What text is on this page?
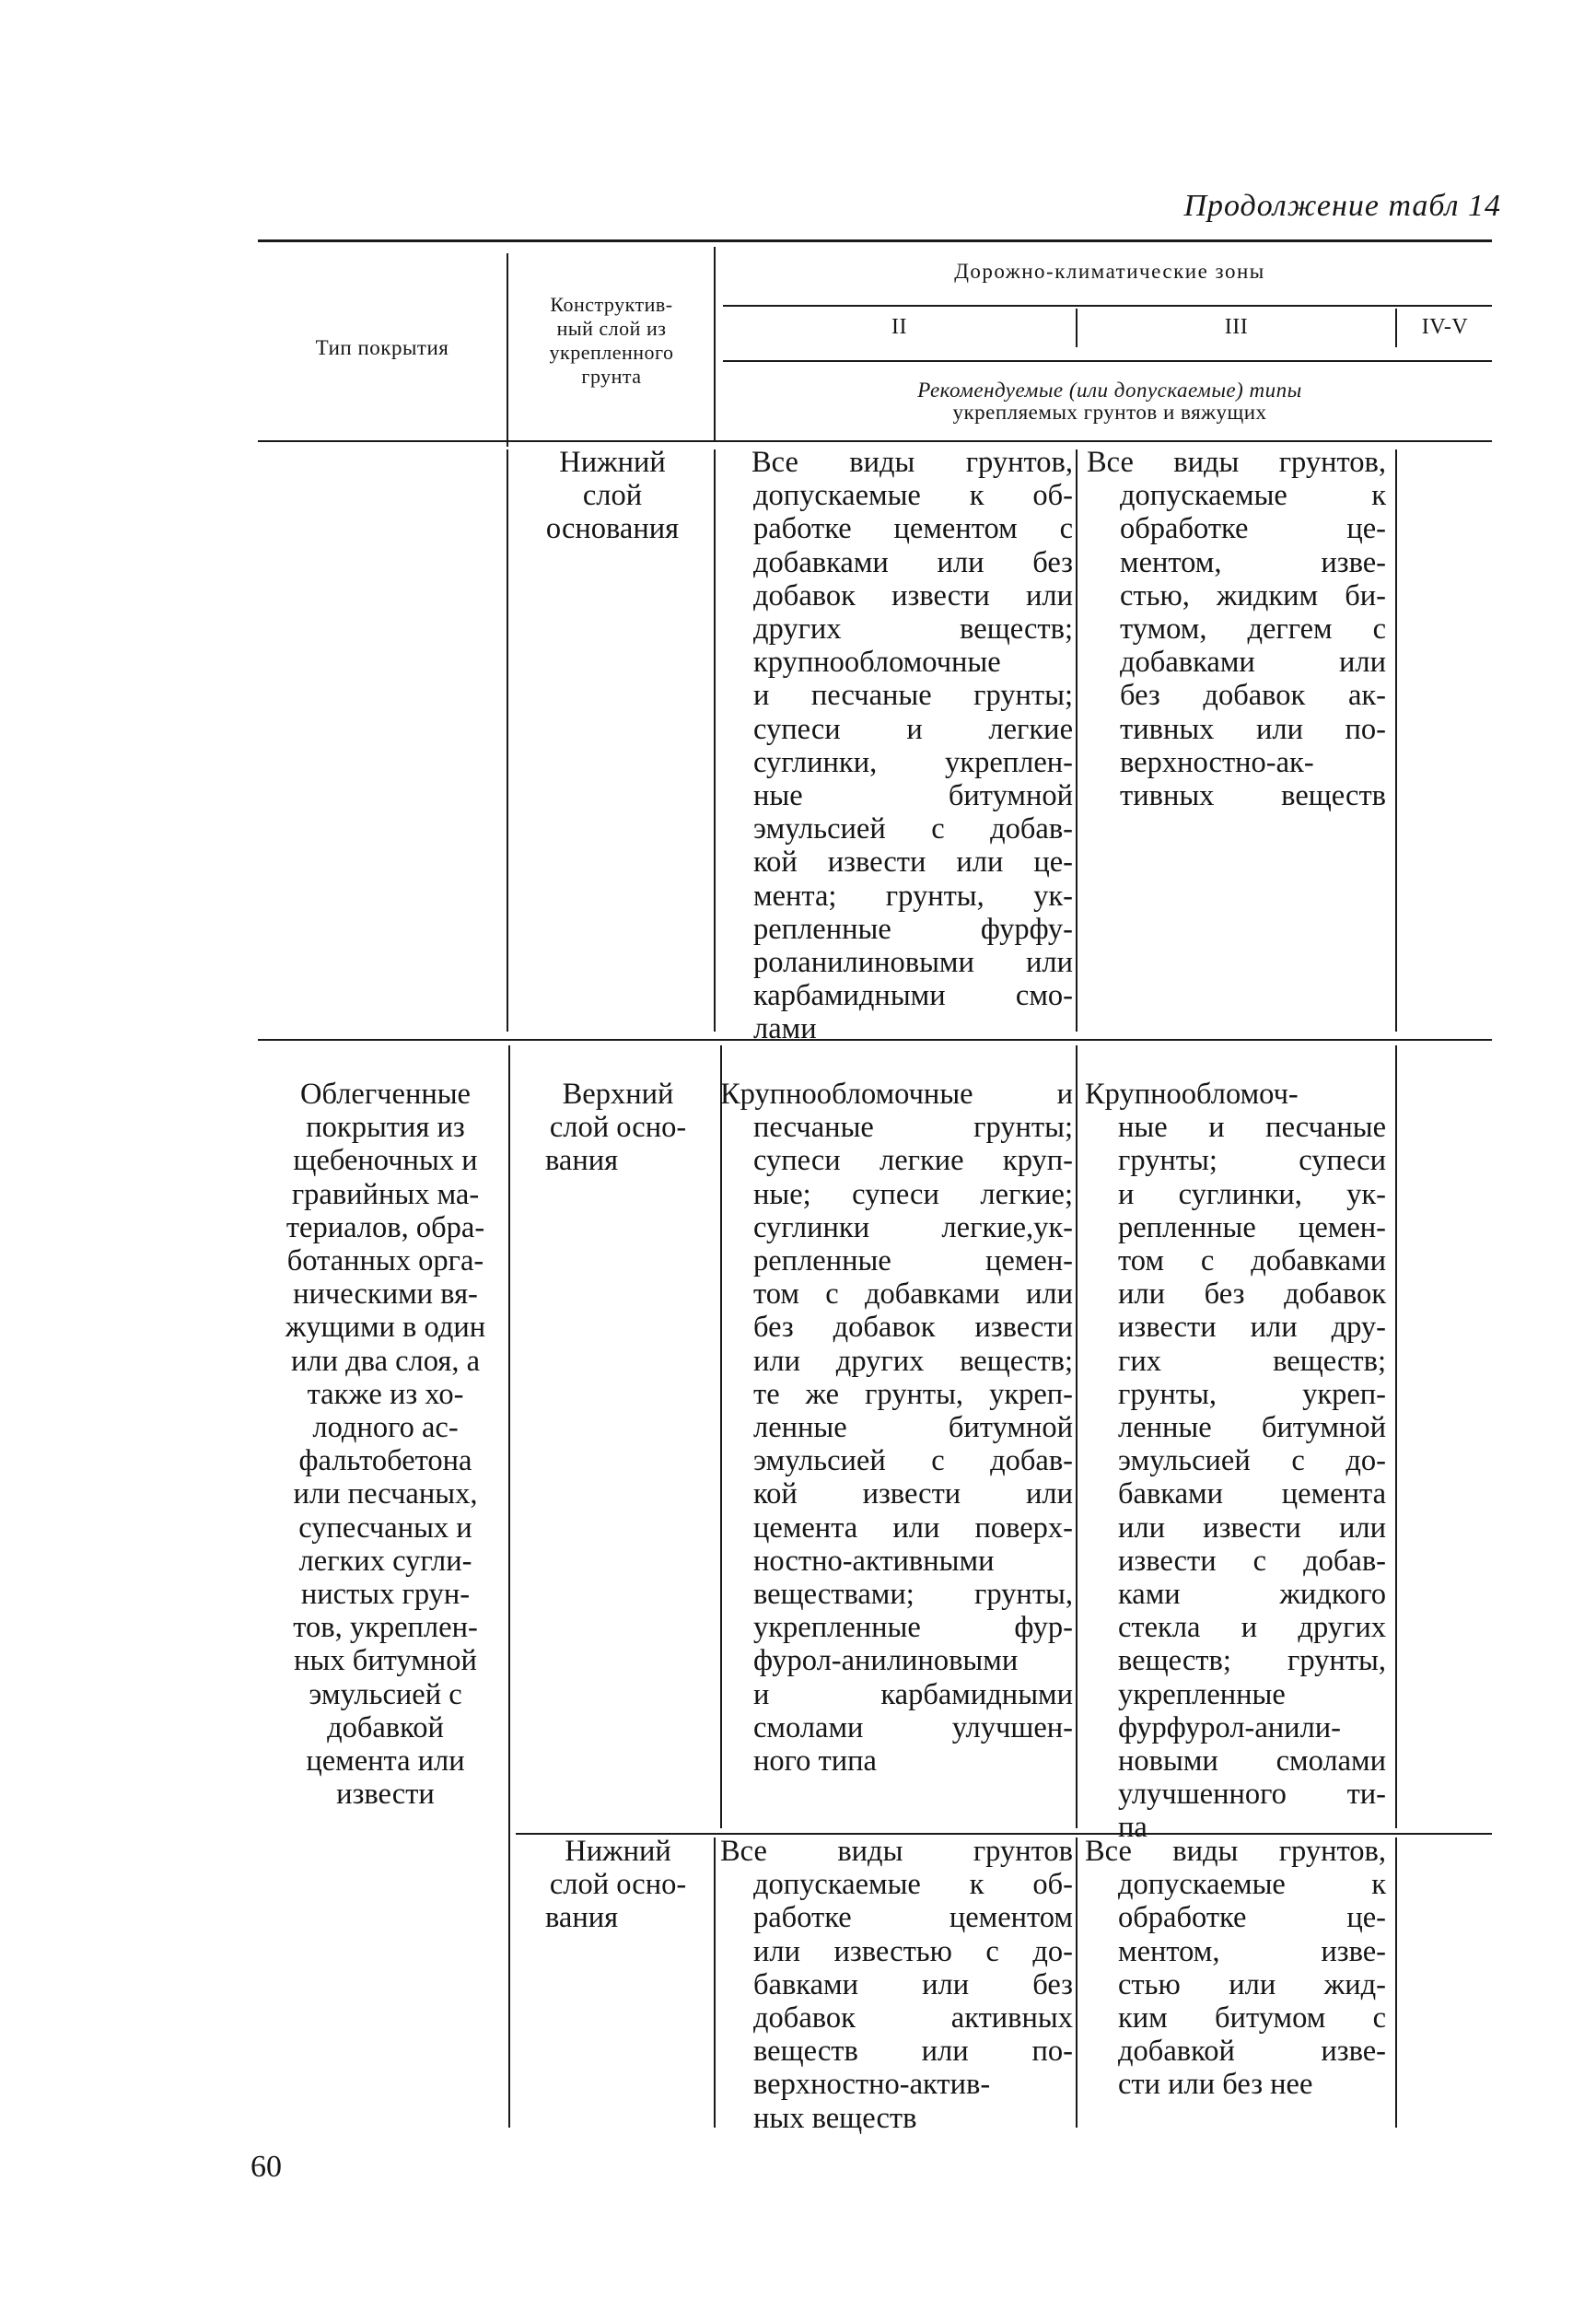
Продолжение табл 14
Тип покрытия
Конструктив-
ный слой из
укрепленного
грунта
Дорожно-климатические зоны
II	III	IV-V
Рекомендуемые (или допускаемые) типы
укрепляемых грунтов и вяжущих
Нижний
слой
основания
Все виды грунтов,
допускаемые к об-
работке цементом с
добавками или без
добавок извести или
других веществ;
крупнообломочные
и песчаные грунты;
супеси и легкие
суглинки, укреплен-
ные битумной
эмульсией с добав-
кой извести или це-
мента; грунты, ук-
репленные фурфу-
роланилиновыми или
карбамидными смо-
лами
Все виды грунтов,
допускаемые к
обработке це-
ментом, изве-
стью, жидким би-
тумом, деггем с
добавками или
без добавок ак-
тивных или по-
верхностно-ак-
тивных веществ
Облегченные
покрытия из
щебеночных и
гравийных ма-
териалов, обра-
ботанных орга-
ническими вя-
жущими в один
или два слоя, а
также из хо-
лодного ас-
фальтобетона
или песчаных,
супесчаных и
легких сугли-
нистых грун-
тов, укреплен-
ных битумной
эмульсией с
добавкой
цемента или
извести
Верхний
слой осно-
вания
Крупнообломочные и
песчаные грунты;
супеси легкие круп-
ные; супеси легкие;
суглинки легкие,ук-
репленные цемен-
том с добавками или
без добавок извести
или других веществ;
те же грунты, укреп-
ленные битумной
эмульсией с добав-
кой извести или
цемента или поверх-
ностно-активными
веществами; грунты,
укрепленные фур-
фурол-анилиновыми
и карбамидными
смолами улучшен-
ного типа
Крупнообломоч-
ные и песчаные
грунты; супеси
и суглинки, ук-
репленные цемен-
том с добавками
или без добавок
извести или дру-
гих веществ;
грунты, укреп-
ленные битумной
эмульсией с до-
бавками цемента
или извести или
извести с добав-
ками жидкого
стекла и других
веществ; грунты,
укрепленные
фурфурол-анили-
новыми смолами
улучшенного ти-
па
Нижний
слой осно-
вания
Все виды грунтов
допускаемые к об-
работке цементом
или известью с до-
бавками или без
добавок активных
веществ или по-
верхностно-актив-
ных веществ
Все виды грунтов,
допускаемые к
обработке це-
ментом, изве-
стью или жид-
ким битумом с
добавкой изве-
сти или без нее
60
